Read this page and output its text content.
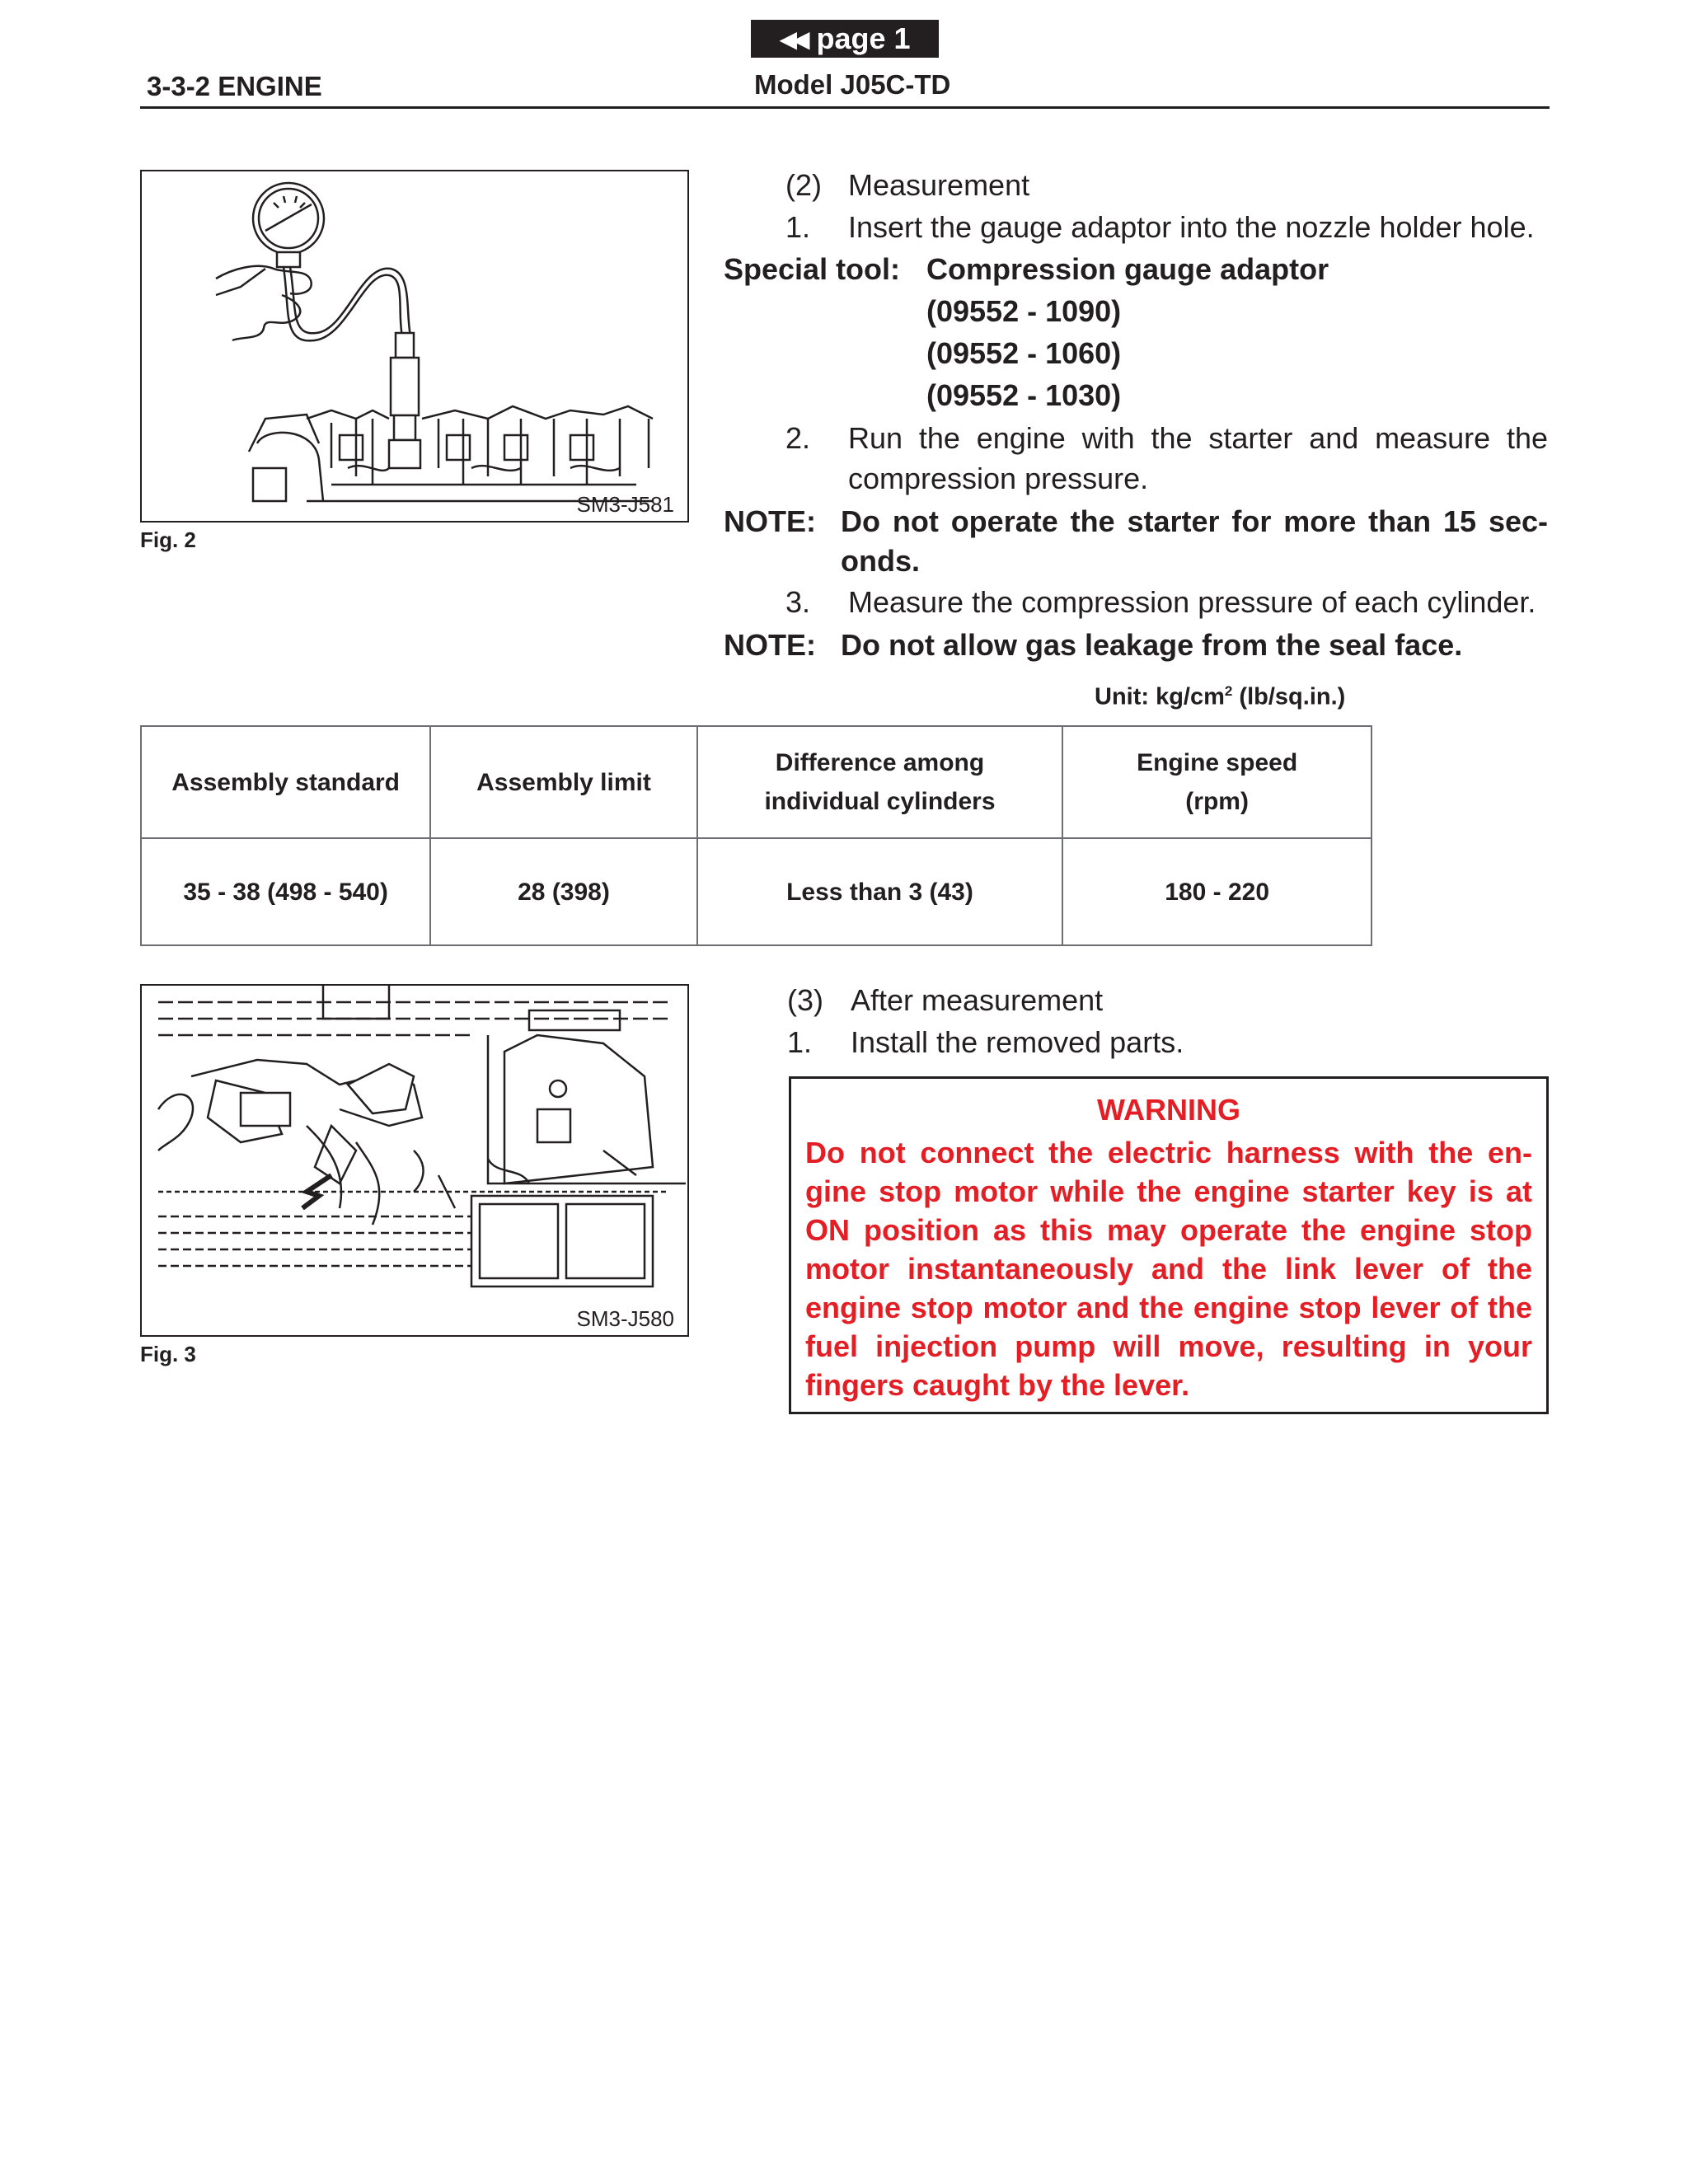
◀◀ page 1
3-3-2 ENGINE	Model J05C-TD
SM3-J581
Fig. 2
(2) Measurement
1. Insert the gauge adaptor into the nozzle holder hole.
Special tool: Compression gauge adaptor
(09552 - 1090)
(09552 - 1060)
(09552 - 1030)
2. Run the engine with the starter and measure the
compression pressure.
NOTE: Do not operate the starter for more than 15 sec-
onds.
3. Measure the compression pressure of each cylinder.
NOTE: Do not allow gas leakage from the seal face.
Unit: $kg/cm^2$ (lb/sq.in.)
Assembly standard	Assembly limit	Difference among
individual cylinders	Engine speed
(rpm)
35 - 38 (498 - 540)	28 (398)	Less than 3 (43)	180 - 220
SM3-J580
Fig. 3
(3) After measurement
1. Install the removed parts.
WARNING
Do not connect the electric harness with the en-
gine stop motor while the engine starter key is at
ON position as this may operate the engine stop
motor instantaneously and the link lever of the
engine stop motor and the engine stop lever of the
fuel injection pump will move, resulting in your
fingers caught by the lever.
